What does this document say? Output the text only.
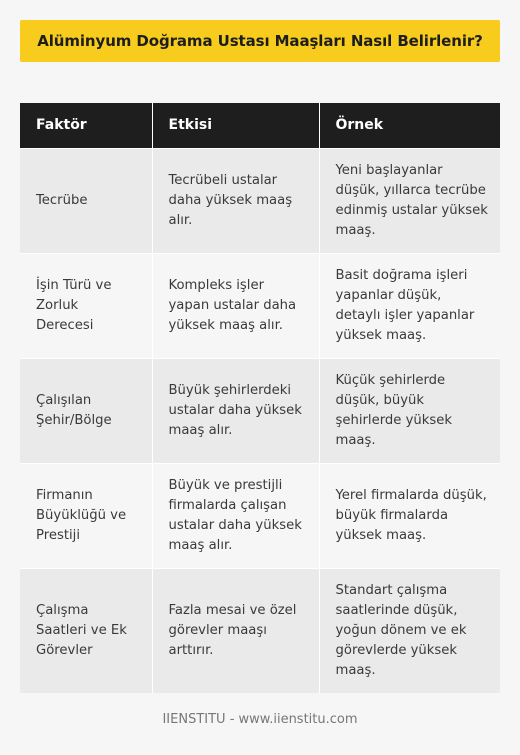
Alüminyum Doğrama Ustası Maaşları Nasıl Belirlenir?
Faktör	Etkisi	Örnek
Tecrübe	Tecrübeli ustalar daha yüksek maaş alır.	Yeni başlayanlar düşük, yıllarca tecrübe edinmiş ustalar yüksek maaş.
İşin Türü ve Zorluk Derecesi	Kompleks işler yapan ustalar daha yüksek maaş alır.	Basit doğrama işleri yapanlar düşük, detaylı işler yapanlar yüksek maaş.
Çalışılan Şehir/Bölge	Büyük şehirlerdeki ustalar daha yüksek maaş alır.	Küçük şehirlerde düşük, büyük şehirlerde yüksek maaş.
Firmanın Büyüklüğü ve Prestiji	Büyük ve prestijli firmalarda çalışan ustalar daha yüksek maaş alır.	Yerel firmalarda düşük, büyük firmalarda yüksek maaş.
Çalışma Saatleri ve Ek Görevler	Fazla mesai ve özel görevler maaşı arttırır.	Standart çalışma saatlerinde düşük, yoğun dönem ve ek görevlerde yüksek maaş.
IIENSTITU - www.iienstitu.com
